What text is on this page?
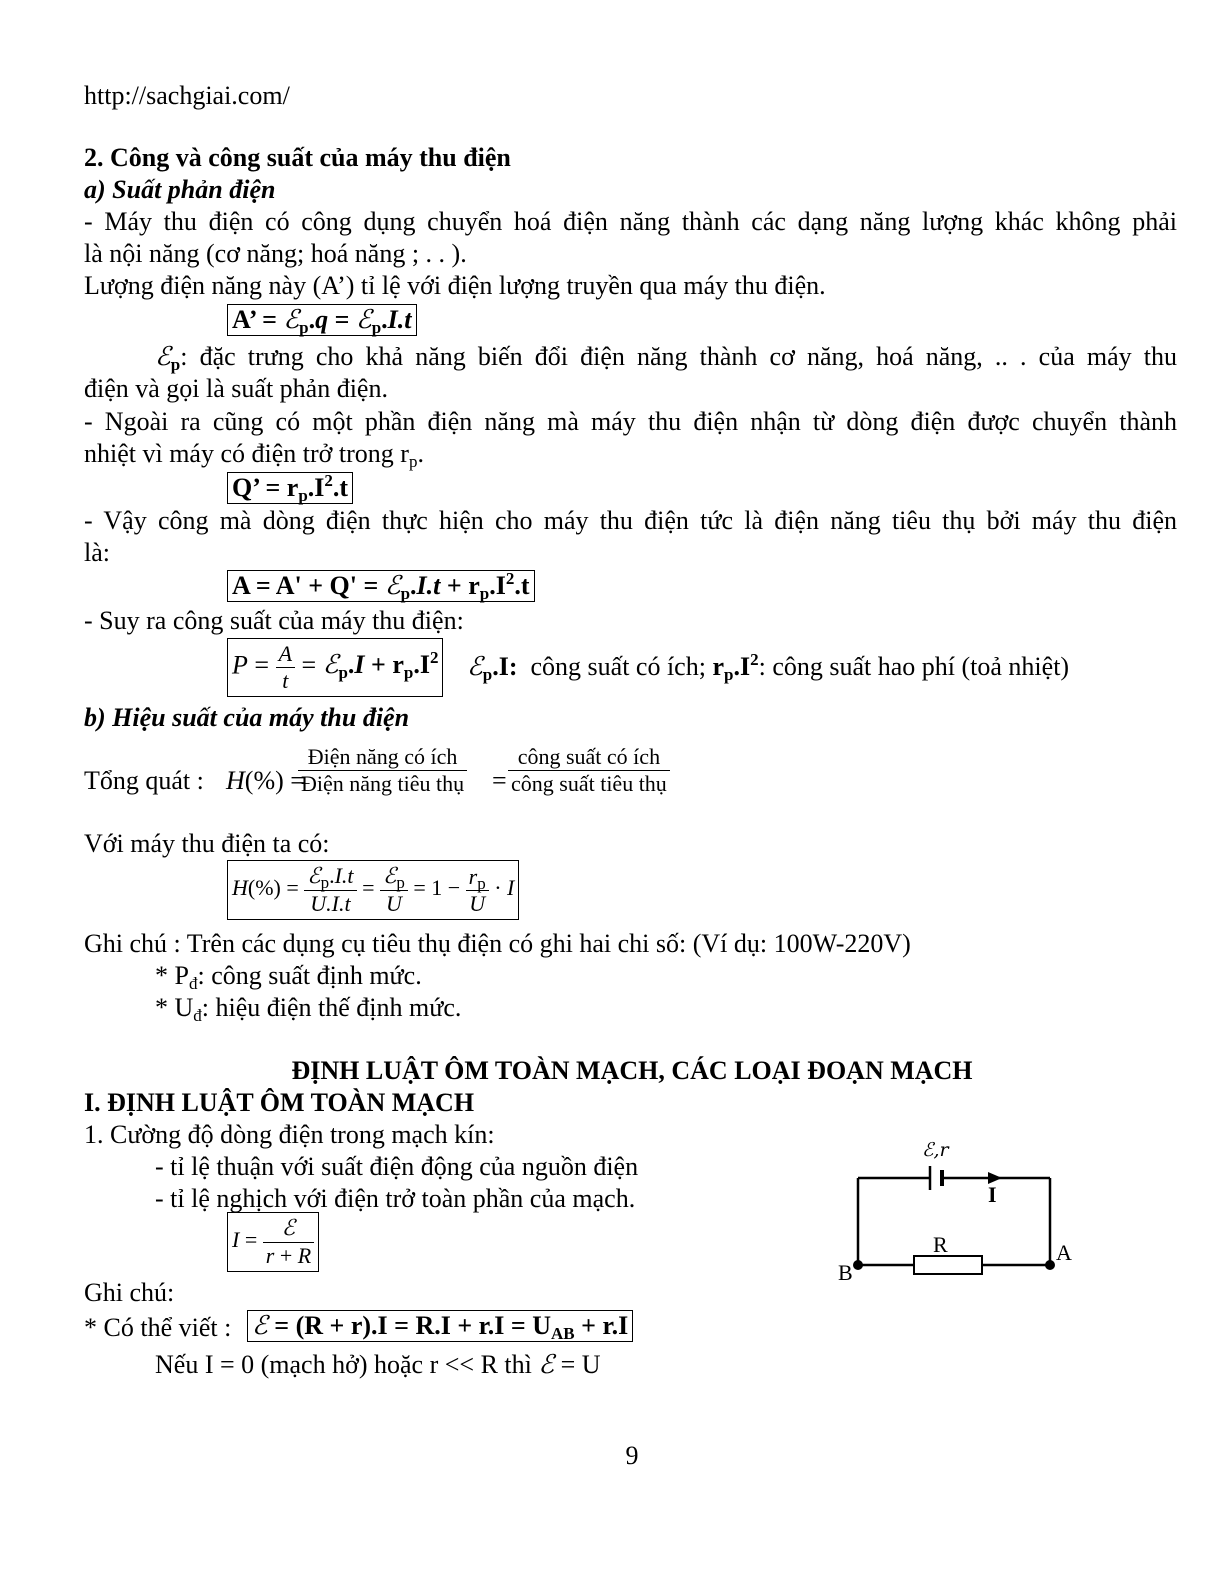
http://sachgiai.com/
2. Công và công suất của máy thu điện
a) Suất phản điện
- Máy thu điện có công dụng chuyển hoá điện năng thành các dạng năng lượng khác không phải
là nội năng (cơ năng; hoá năng ; . . ).
Lượng điện năng này (A’) tỉ lệ với điện lượng truyền qua máy thu điện.
A’ = ℰ$_p$.q = ℰ$_p$.I.t
ℰ$_p$: đặc trưng cho khả năng biến đổi điện năng thành cơ năng, hoá năng, .. . của máy thu
điện và gọi là suất phản điện.
- Ngoài ra cũng có một phần điện năng mà máy thu điện nhận từ dòng điện được chuyển thành
nhiệt vì máy có điện trở trong $r_p$.
Q’ = $r_p.I^2.t$
- Vậy công mà dòng điện thực hiện cho máy thu điện tức là điện năng tiêu thụ bởi máy thu điện
là:
A = A' + Q' = ℰ$_p$.I.t + $r_p.I^2.t$
- Suy ra công suất của máy thu điện:
$P = \frac{A}{t}$ = ℰ$_p$.I + $r_p.I^2$ ℰ$_p$.I:  công suất có ích; $r_p.I^2$: công suất hao phí (toả nhiệt)
b) Hiệu suất của máy thu điện
Tổng quát : H(%) =
Điện năng có ích
Điện năng tiêu thụ =
công suất có ích
công suất tiêu thụ
Với máy thu điện ta có:
$H(\%) = \frac{ℰ_p.I.t}{U.I.t} = \frac{ℰ_p}{U} = 1 - \frac{r_p}{U} \cdot I$
Ghi chú : Trên các dụng cụ tiêu thụ điện có ghi hai chi số: (Ví dụ: 100W-220V)
* $P_đ$: công suất định mức.
* $U_đ$: hiệu điện thế định mức.
ĐỊNH LUẬT ÔM TOÀN MẠCH, CÁC LOẠI ĐOẠN MẠCH
I. ĐỊNH LUẬT ÔM TOÀN MẠCH
1. Cường độ dòng điện trong mạch kín:
- tỉ lệ thuận với suất điện động của nguồn điện
- tỉ lệ nghịch với điện trở toàn phần của mạch.
$I = \frac{\text{ℰ}}{r + R}$
Ghi chú:
* Có thể viết : ℰ = $(R + r).I = R.I + r.I = U_{AB} + r.I$
Nếu I = 0 (mạch hở) hoặc r << R thì ℰ = U
ℰ,r
I
R	A
B
9
